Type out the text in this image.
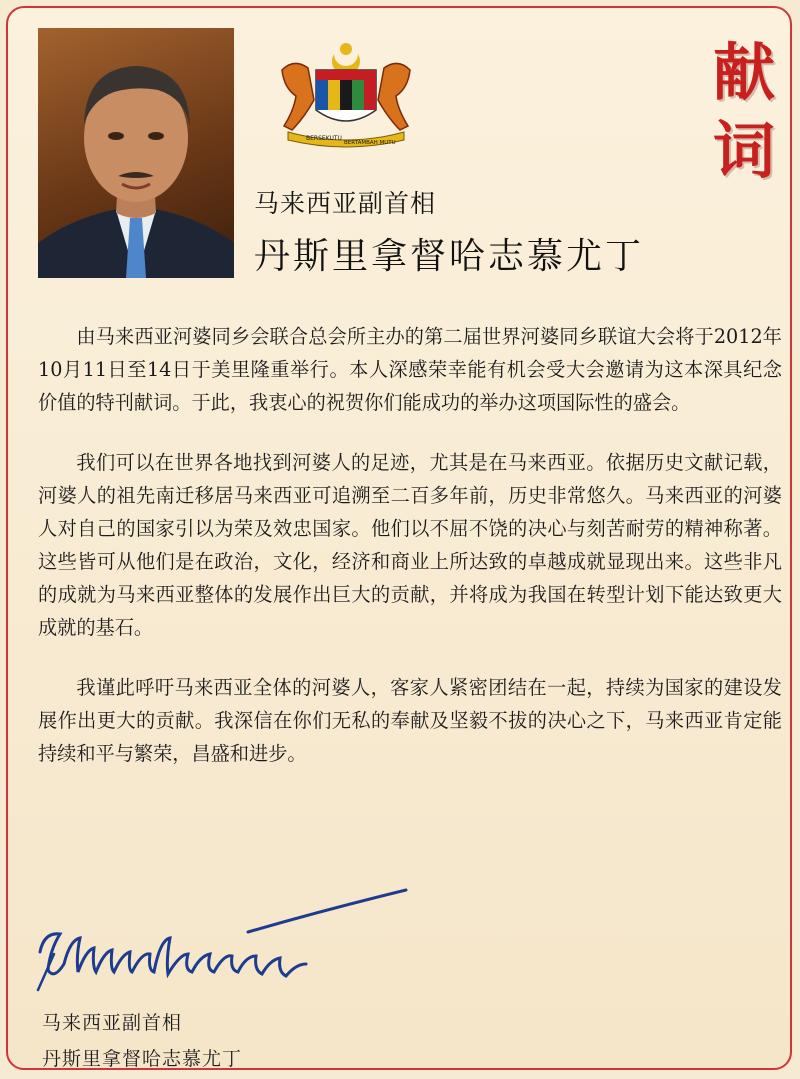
BERSEKUTU
BERTAMBAH MUTU
献
词
马来西亚副首相
丹斯里拿督哈志慕尤丁

由马来西亚河婆同乡会联合总会所主办的第二届世界河婆同乡联谊大会将于2012年10月11日至14日于美里隆重举行。本人深感荣幸能有机会受大会邀请为这本深具纪念价值的特刊献词。于此，我衷心的祝贺你们能成功的举办这项国际性的盛会。

我们可以在世界各地找到河婆人的足迹，尤其是在马来西亚。依据历史文献记载，河婆人的祖先南迁移居马来西亚可追溯至二百多年前，历史非常悠久。马来西亚的河婆人对自己的国家引以为荣及效忠国家。他们以不屈不饶的决心与刻苦耐劳的精神称著。这些皆可从他们是在政治，文化，经济和商业上所达致的卓越成就显现出来。这些非凡的成就为马来西亚整体的发展作出巨大的贡献，并将成为我国在转型计划下能达致更大成就的基石。

我谨此呼吁马来西亚全体的河婆人，客家人紧密团结在一起，持续为国家的建设发展作出更大的贡献。我深信在你们无私的奉献及坚毅不拔的决心之下，马来西亚肯定能持续和平与繁荣，昌盛和进步。

马来西亚副首相
丹斯里拿督哈志慕尤丁
